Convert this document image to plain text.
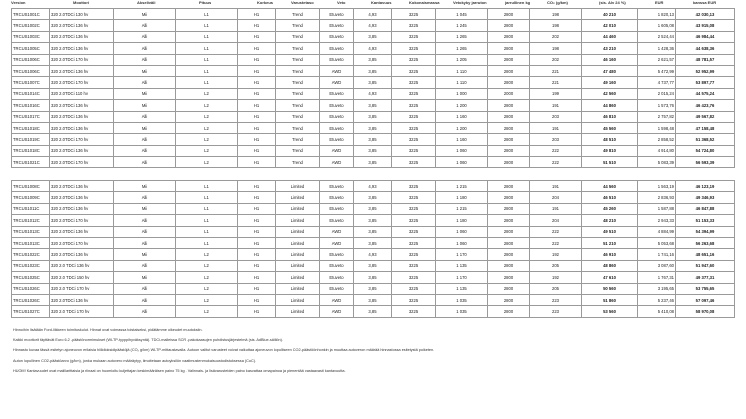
Version	Moottori	Akseliväli	Pituus	Korkeus	Varustetaso	Veto	Kantavuus	Kokonaismassa	Vetokyky jarruton	jarrullinen kg	CO₂ (g/km)	(sis. Alv 24 %)	EUR	kanssa EUR
TRCUS1001C	320 2.0TDCi 130 hv	Mii	L1	H1	Trend	Etuveto	4,93	3225	1 045	2800	198	40 210	1 820,13	42 030,13
TRCUS1002C	320 2.0TDCi 136 hv	Alli	L1	H1	Trend	Etuveto	4,93	3225	1 245	2800	198	42 010	1 605,08	43 915,08
TRCUS1003C	320 2.0TDCi 136 hv	Alli	L1	H1	Trend	Etuveto	3,85	3225	1 265	2800	202	44 460	2 524,44	46 984,44
TRCUS1005C	320 2.0TDCi 136 hv	Alli	L1	H1	Trend	Etuveto	4,93	3225	1 265	2800	198	43 210	1 428,36	44 638,36
TRCUS1006C	320 2.0TDCi 170 hv	Alli	L1	H1	Trend	Etuveto	3,85	3225	1 205	2800	202	46 160	2 621,57	48 781,57
TRCUS1006C	320 2.0TDCi 136 hv	Mii	L1	H1	Trend	AWD	3,85	3225	1 110	2800	221	47 480	5 472,99	52 952,99
TRCUS1007C	320 2.0TDCi 170 hv	Alli	L1	H1	Trend	AWD	3,85	3225	1 110	2800	221	49 160	4 737,77	53 897,77
TRCUS1014C	320 2.0TDCi 110 hv	Mii	L2	H1	Trend	Etuveto	4,93	3225	1 000	2000	199	42 560	2 015,24	44 575,24
TRCUS1016C	320 2.0TDCi 136 hv	Mii	L2	H1	Trend	Etuveto	3,85	3225	1 200	2800	191	44 860	1 573,76	46 423,76
TRCUS1017C	320 2.0TDCi 136 hv	Alli	L2	H1	Trend	Etuveto	3,85	3225	1 160	2800	203	46 810	2 757,82	49 567,82
TRCUS1018C	320 2.0TDCi 136 hv	Mii	L2	H1	Trend	Etuveto	3,85	3225	1 200	2800	191	45 560	1 598,48	47 158,48
TRCUS1019C	320 2.0TDCi 170 hv	Alli	L2	H1	Trend	Etuveto	3,85	3225	1 160	2800	203	48 510	2 858,52	51 368,52
TRCUS1018C	320 2.0TDCi 136 hv	Alli	L2	H1	Trend	AWD	3,85	3225	1 060	2800	222	49 810	4 914,80	54 724,80
TRCUS1021C	320 2.0TDCi 170 hv	Alli	L2	H1	Trend	AWD	3,85	3225	1 060	2800	222	51 510	5 083,39	56 593,39
TRCUS1008C	320 2.0TDCi 136 hv	Mii	L1	H1	Limited	Etuveto	4,93	3225	1 215	2800	191	44 560	1 563,19	46 123,19
TRCUS1009C	320 2.0TDCi 136 hv	Alli	L1	H1	Limited	Etuveto	3,85	3225	1 180	2800	204	46 510	2 836,93	49 346,93
TRCUS1011C	320 2.0TDCi 136 hv	Mii	L1	H1	Limited	Etuveto	3,85	3225	1 215	2800	191	45 260	1 587,88	46 847,88
TRCUS1012C	320 2.0TDCi 170 hv	Alli	L1	H1	Limited	Etuveto	3,85	3225	1 180	2800	204	48 210	2 943,33	51 153,33
TRCUS1013C	320 2.0TDCi 136 hv	Alli	L1	H1	Limited	AWD	3,85	3225	1 060	2800	222	49 510	4 884,99	54 394,99
TRCUS1013C	320 2.0TDCi 170 hv	Alli	L1	H1	Limited	AWD	3,85	3225	1 060	2800	222	51 210	5 053,68	56 263,68
TRCUS1022C	320 2.0TDCi 136 hv	Mii	L2	H1	Limited	Etuveto	4,93	3225	1 170	2800	192	46 910	1 741,16	48 651,16
TRCUS1023C	320 2.0 TDCi 136 hv	Alli	L2	H1	Limited	Etuveto	3,85	3225	1 135	2800	205	48 860	3 087,60	51 947,60
TRCUS1025C	320 2.0 TDCi 150 hv	Mii	L2	H1	Limited	Etuveto	3,85	3225	1 170	2800	192	47 610	1 767,31	49 377,31
TRCUS1026C	320 2.0 TDCi 170 hv	Alli	L2	H1	Limited	Etuveto	3,85	3225	1 135	2800	205	50 560	3 195,65	53 755,65
TRCUS1026C	320 2.0TDCi 136 hv	Alli	L2	H1	Limited	AWD	3,85	3225	1 035	2800	223	51 860	5 237,46	57 097,46
TRCUS1027C	320 2.0 TDCi 170 hv	Alli	L2	H1	Limited	AWD	3,85	3225	1 035	2800	223	53 560	5 410,08	58 970,08
Hinnoihin lisätään Ford-liikkeen toimituskulut. Hinnat ovat voimassa toistaiseksi, pidätämme oikeudet muutoksiin.
Kaikki moottorit täyttävät Euro 6.2 -päästönormimukset (WLTP-tyyppihyväksyntä). TDCi-malleissa SCR -pakokaasujen puhdistusjärjestelmä (sis. AdBlue-säiliön).
Hinnasto kuvaa tässä esitetyn ajoneuvon erilaisia hiilidioksidipäästöjä (CO₂ g/km) WLTP-mittaustavalla. Autoon valitut varusteet voivat vaikuttaa ajoneuvon lopulliseen CO2-päästöönhonkin ja muuttaa autoveron määrää hinnastossa esitetystä poiketen.
Auton lopullinen CO2-päästöarvo (g/km), jonka mukaan autovero määräytyy, ilmoitetaan autoyksilön vaatimustenmukaisuustodistuksessa (CoC).
HUOM! Kantavuudet ovat maiillarittaisia ja riinaat on huomioitu kuljettajan keskimääräisen paino 75 kg . Valinnais- ja lisävarusteiden paino kasvattaa omapainoa ja pienentää vastaavasti kantavuutta.
